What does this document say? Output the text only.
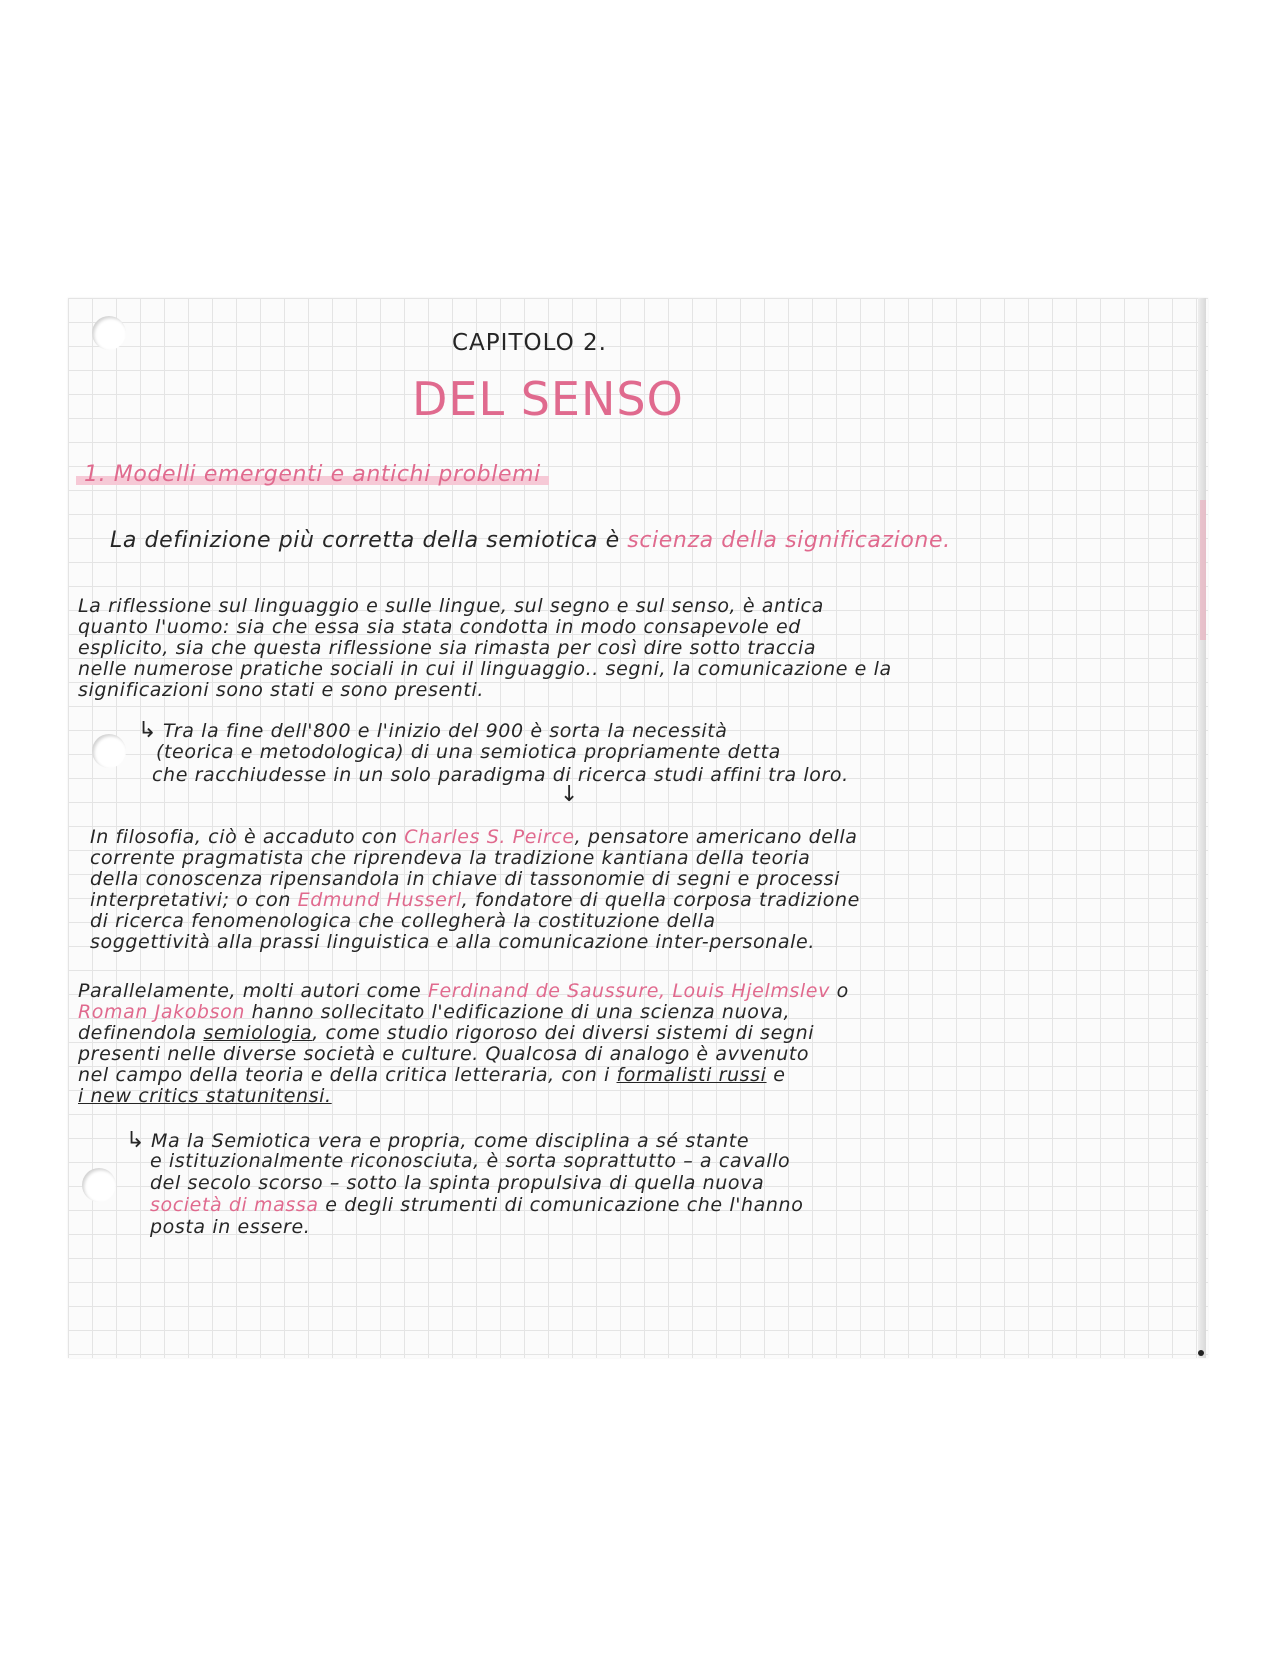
CAPITOLO 2.
DEL SENSO
1. Modelli emergenti e antichi problemi
La definizione più corretta della semiotica è scienza della significazione.
La riflessione sul linguaggio e sulle lingue, sul segno e sul senso, è antica
quanto l'uomo: sia che essa sia stata condotta in modo consapevole ed
esplicito, sia che questa riflessione sia rimasta per così dire sotto traccia
nelle numerose pratiche sociali in cui il linguaggio.. segni, la comunicazione e la
significazioni sono stati e sono presenti.
↳ Tra la fine dell'800 e l'inizio del 900 è sorta la necessità
(teorica e metodologica) di una semiotica propriamente detta
che racchiudesse in un solo paradigma di ricerca studi affini tra loro.
↓
In filosofia, ciò è accaduto con Charles S. Peirce, pensatore americano della
corrente pragmatista che riprendeva la tradizione kantiana della teoria
della conoscenza ripensandola in chiave di tassonomie di segni e processi
interpretativi; o con Edmund Husserl, fondatore di quella corposa tradizione
di ricerca fenomenologica che collegherà la costituzione della
soggettività alla prassi linguistica e alla comunicazione inter-personale.
Parallelamente, molti autori come Ferdinand de Saussure, Louis Hjelmslev o
Roman Jakobson hanno sollecitato l'edificazione di una scienza nuova,
definendola semiologia, come studio rigoroso dei diversi sistemi di segni
presenti nelle diverse società e culture. Qualcosa di analogo è avvenuto
nel campo della teoria e della critica letteraria, con i formalisti russi e
i new critics statunitensi.
↳ Ma la Semiotica vera e propria, come disciplina a sé stante
e istituzionalmente riconosciuta, è sorta soprattutto – a cavallo
del secolo scorso – sotto la spinta propulsiva di quella nuova
società di massa e degli strumenti di comunicazione che l'hanno
posta in essere.
